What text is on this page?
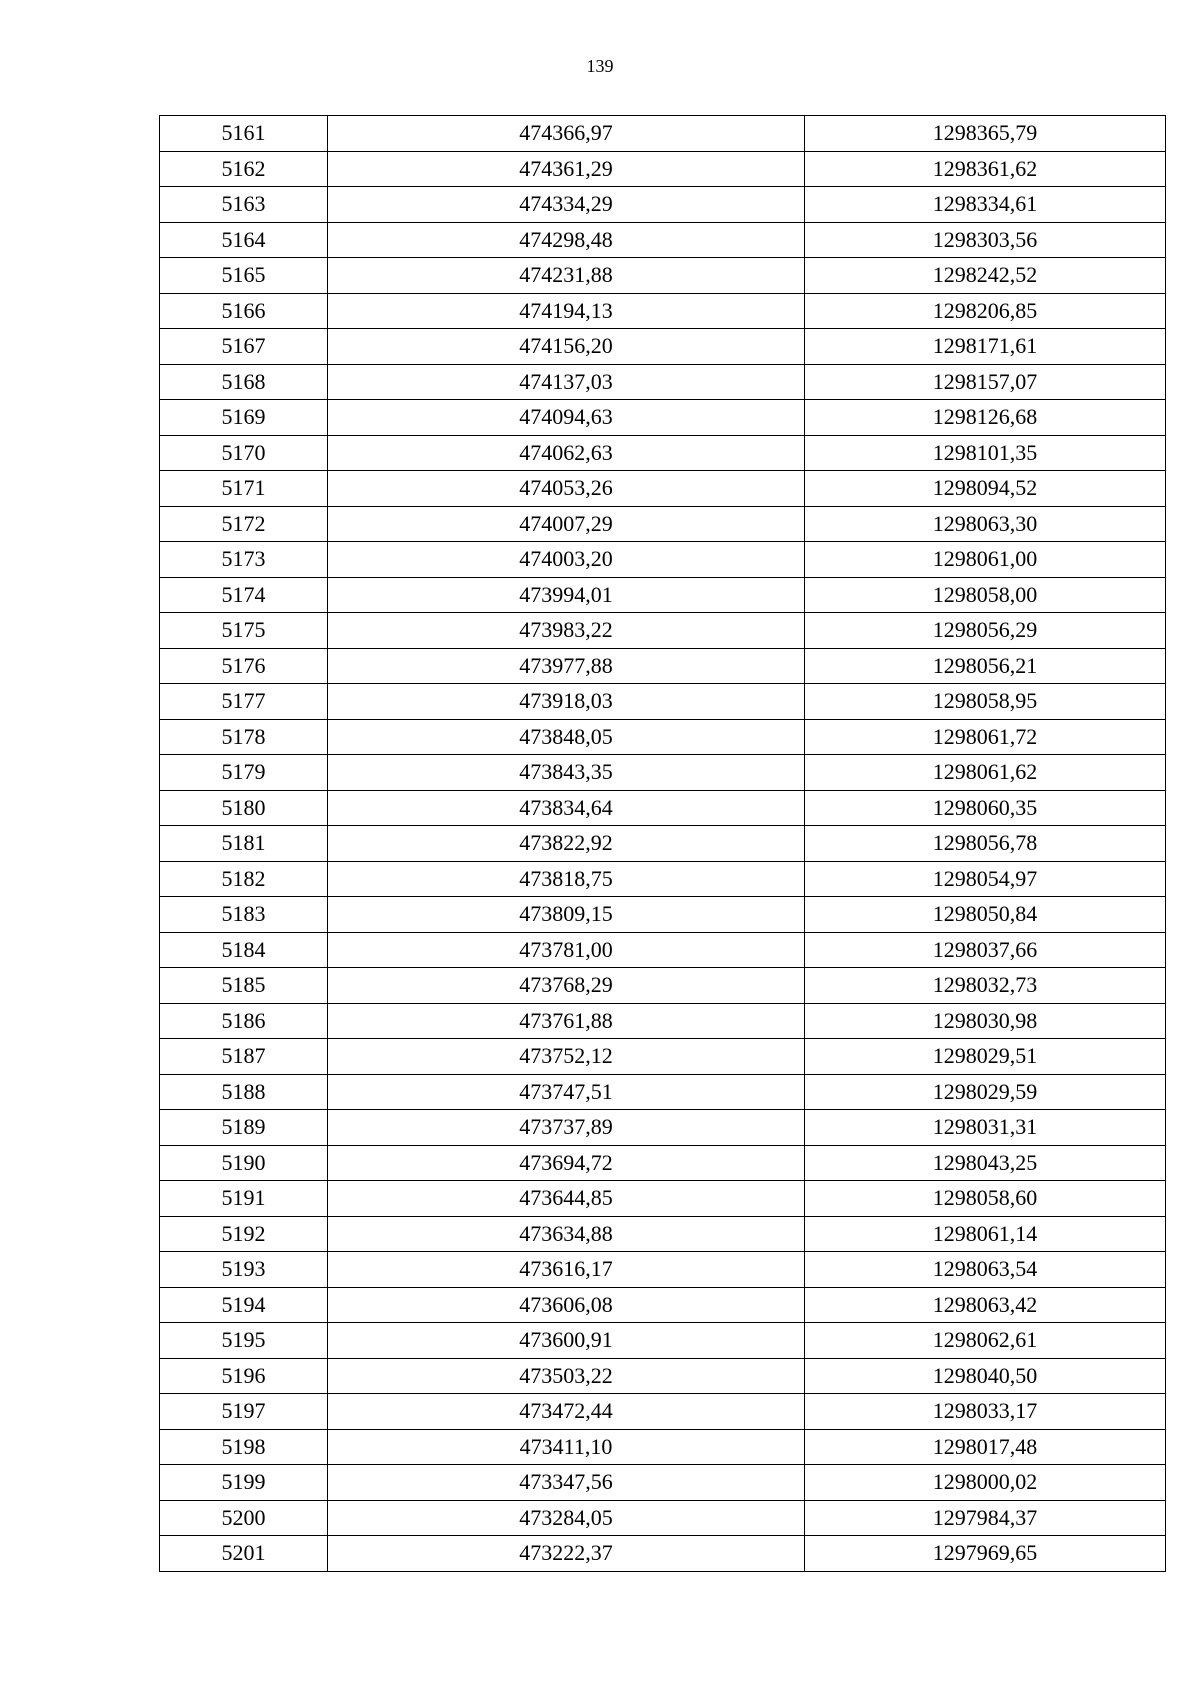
139
5161	474366,97	1298365,79
5162	474361,29	1298361,62
5163	474334,29	1298334,61
5164	474298,48	1298303,56
5165	474231,88	1298242,52
5166	474194,13	1298206,85
5167	474156,20	1298171,61
5168	474137,03	1298157,07
5169	474094,63	1298126,68
5170	474062,63	1298101,35
5171	474053,26	1298094,52
5172	474007,29	1298063,30
5173	474003,20	1298061,00
5174	473994,01	1298058,00
5175	473983,22	1298056,29
5176	473977,88	1298056,21
5177	473918,03	1298058,95
5178	473848,05	1298061,72
5179	473843,35	1298061,62
5180	473834,64	1298060,35
5181	473822,92	1298056,78
5182	473818,75	1298054,97
5183	473809,15	1298050,84
5184	473781,00	1298037,66
5185	473768,29	1298032,73
5186	473761,88	1298030,98
5187	473752,12	1298029,51
5188	473747,51	1298029,59
5189	473737,89	1298031,31
5190	473694,72	1298043,25
5191	473644,85	1298058,60
5192	473634,88	1298061,14
5193	473616,17	1298063,54
5194	473606,08	1298063,42
5195	473600,91	1298062,61
5196	473503,22	1298040,50
5197	473472,44	1298033,17
5198	473411,10	1298017,48
5199	473347,56	1298000,02
5200	473284,05	1297984,37
5201	473222,37	1297969,65
